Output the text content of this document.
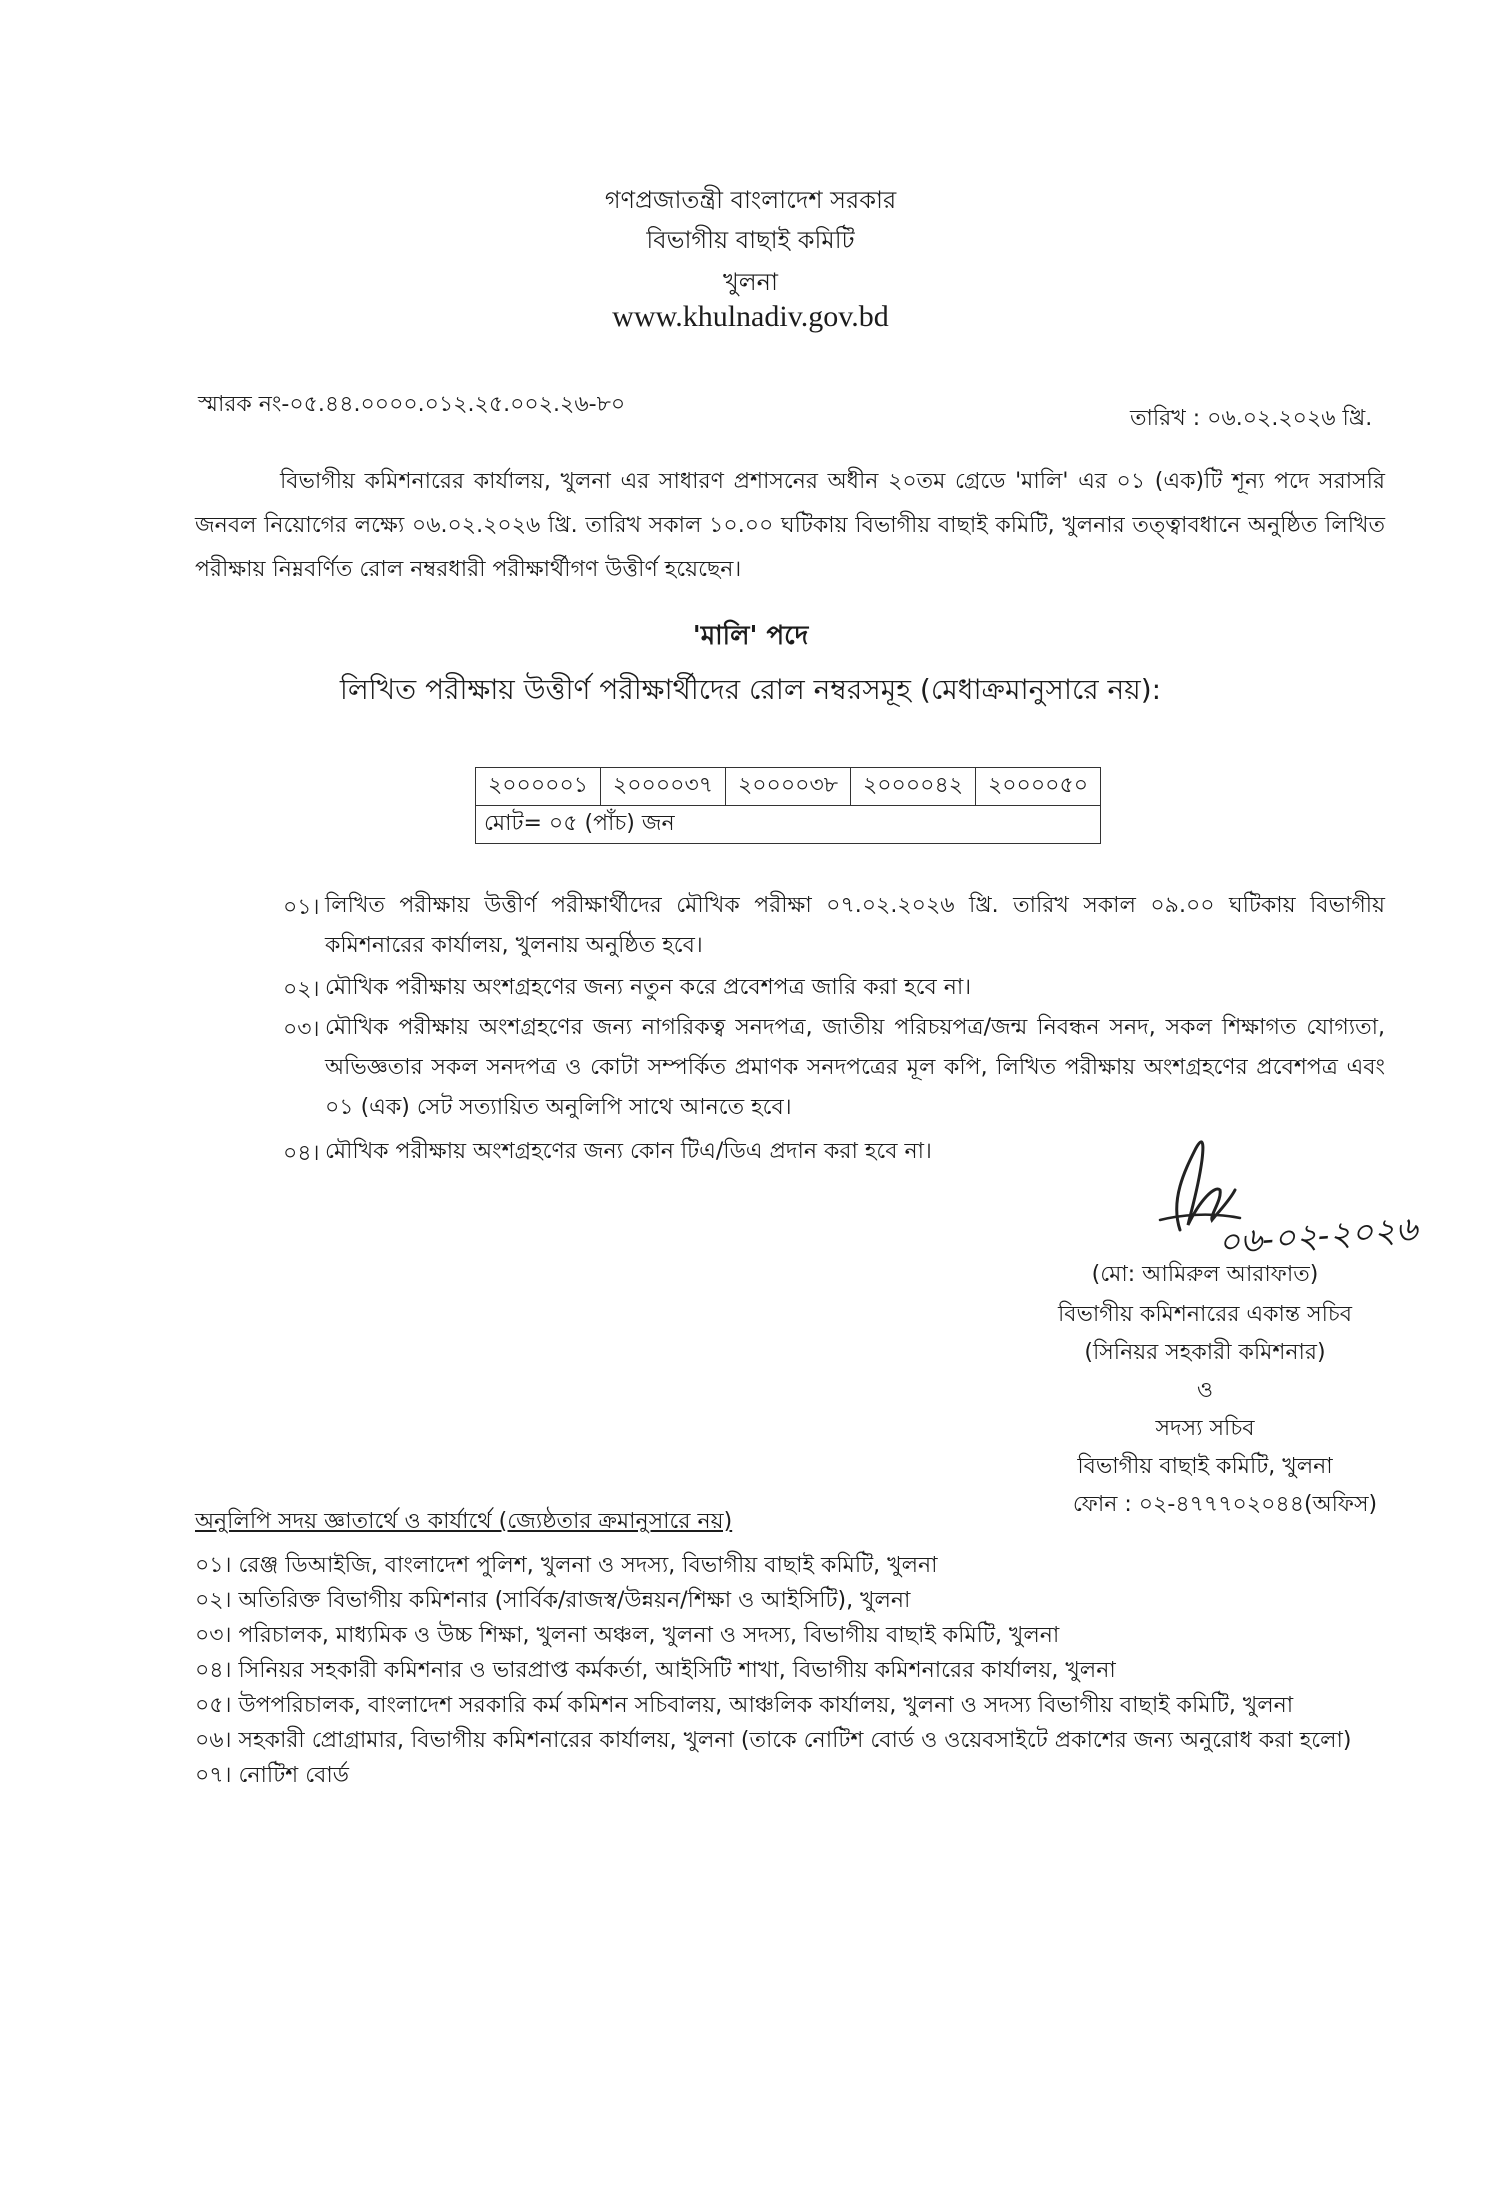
গণপ্রজাতন্ত্রী বাংলাদেশ সরকার
বিভাগীয় বাছাই কমিটি
খুলনা
www.khulnadiv.gov.bd
স্মারক নং-০৫.৪৪.০০০০.০১২.২৫.০০২.২৬-৮০
তারিখ : ০৬.০২.২০২৬ খ্রি.
বিভাগীয় কমিশনারের কার্যালয়, খুলনা এর সাধারণ প্রশাসনের অধীন ২০তম গ্রেডে 'মালি' এর ০১ (এক)টি শূন্য পদে সরাসরি জনবল নিয়োগের লক্ষ্যে ০৬.০২.২০২৬ খ্রি. তারিখ সকাল ১০.০০ ঘটিকায় বিভাগীয় বাছাই কমিটি, খুলনার তত্ত্বাবধানে অনুষ্ঠিত লিখিত পরীক্ষায় নিম্নবর্ণিত রোল নম্বরধারী পরীক্ষার্থীগণ উত্তীর্ণ হয়েছেন।
'মালি' পদে
লিখিত পরীক্ষায় উত্তীর্ণ পরীক্ষার্থীদের রোল নম্বরসমূহ (মেধাক্রমানুসারে নয়):
২০০০০০১	২০০০০৩৭	২০০০০৩৮	২০০০০৪২	২০০০০৫০
মোট= ০৫ (পাঁচ) জন
০১। লিখিত পরীক্ষায় উত্তীর্ণ পরীক্ষার্থীদের মৌখিক পরীক্ষা ০৭.০২.২০২৬ খ্রি. তারিখ সকাল ০৯.০০ ঘটিকায় বিভাগীয় কমিশনারের কার্যালয়, খুলনায় অনুষ্ঠিত হবে।
০২। মৌখিক পরীক্ষায় অংশগ্রহণের জন্য নতুন করে প্রবেশপত্র জারি করা হবে না।
০৩। মৌখিক পরীক্ষায় অংশগ্রহণের জন্য নাগরিকত্ব সনদপত্র, জাতীয় পরিচয়পত্র/জন্ম নিবন্ধন সনদ, সকল শিক্ষাগত যোগ্যতা, অভিজ্ঞতার সকল সনদপত্র ও কোটা সম্পর্কিত প্রমাণক সনদপত্রের মূল কপি, লিখিত পরীক্ষায় অংশগ্রহণের প্রবেশপত্র এবং ০১ (এক) সেট সত্যায়িত অনুলিপি সাথে আনতে হবে।
০৪। মৌখিক পরীক্ষায় অংশগ্রহণের জন্য কোন টিএ/ডিএ প্রদান করা হবে না।
০৬-০২-২০২৬
(মো: আমিরুল আরাফাত)
বিভাগীয় কমিশনারের একান্ত সচিব
(সিনিয়র সহকারী কমিশনার)
ও
সদস্য সচিব
বিভাগীয় বাছাই কমিটি, খুলনা
ফোন : ০২-৪৭৭৭০২০৪৪(অফিস)
অনুলিপি সদয় জ্ঞাতার্থে ও কার্যার্থে (জ্যেষ্ঠতার ক্রমানুসারে নয়)
০১। রেঞ্জ ডিআইজি, বাংলাদেশ পুলিশ, খুলনা ও সদস্য, বিভাগীয় বাছাই কমিটি, খুলনা
০২। অতিরিক্ত বিভাগীয় কমিশনার (সার্বিক/রাজস্ব/উন্নয়ন/শিক্ষা ও আইসিটি), খুলনা
০৩। পরিচালক, মাধ্যমিক ও উচ্চ শিক্ষা, খুলনা অঞ্চল, খুলনা ও সদস্য, বিভাগীয় বাছাই কমিটি, খুলনা
০৪। সিনিয়র সহকারী কমিশনার ও ভারপ্রাপ্ত কর্মকর্তা, আইসিটি শাখা, বিভাগীয় কমিশনারের কার্যালয়, খুলনা
০৫। উপপরিচালক, বাংলাদেশ সরকারি কর্ম কমিশন সচিবালয়, আঞ্চলিক কার্যালয়, খুলনা ও সদস্য বিভাগীয় বাছাই কমিটি, খুলনা
০৬। সহকারী প্রোগ্রামার, বিভাগীয় কমিশনারের কার্যালয়, খুলনা (তাকে নোটিশ বোর্ড ও ওয়েবসাইটে প্রকাশের জন্য অনুরোধ করা হলো)
০৭। নোটিশ বোর্ড
